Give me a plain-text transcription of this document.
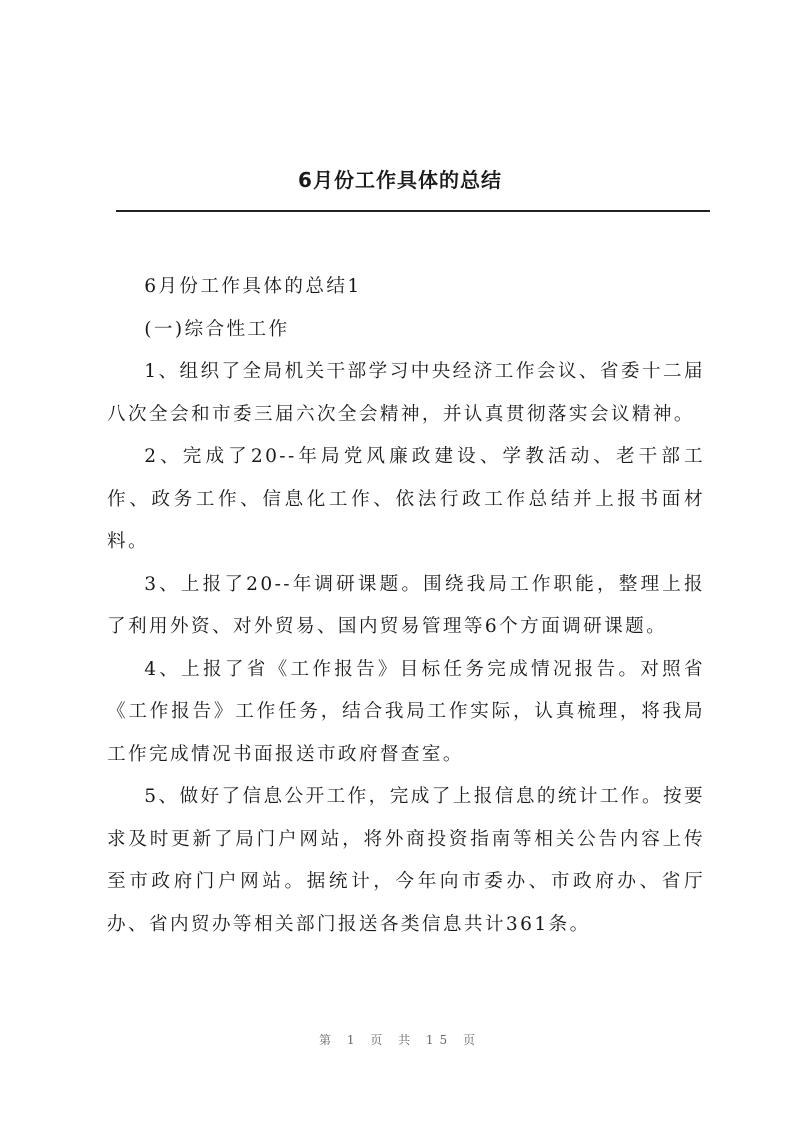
6月份工作具体的总结

6月份工作具体的总结1

(一)综合性工作

1、组织了全局机关干部学习中央经济工作会议、省委十二届八次全会和市委三届六次全会精神，并认真贯彻落实会议精神。

2、完成了20--年局党风廉政建设、学教活动、老干部工作、政务工作、信息化工作、依法行政工作总结并上报书面材料。

3、上报了20--年调研课题。围绕我局工作职能，整理上报了利用外资、对外贸易、国内贸易管理等6个方面调研课题。

4、上报了省《工作报告》目标任务完成情况报告。对照省《工作报告》工作任务，结合我局工作实际，认真梳理，将我局工作完成情况书面报送市政府督查室。

5、做好了信息公开工作，完成了上报信息的统计工作。按要求及时更新了局门户网站，将外商投资指南等相关公告内容上传至市政府门户网站。据统计，今年向市委办、市政府办、省厅办、省内贸办等相关部门报送各类信息共计361条。

第 1 页 共 15 页
